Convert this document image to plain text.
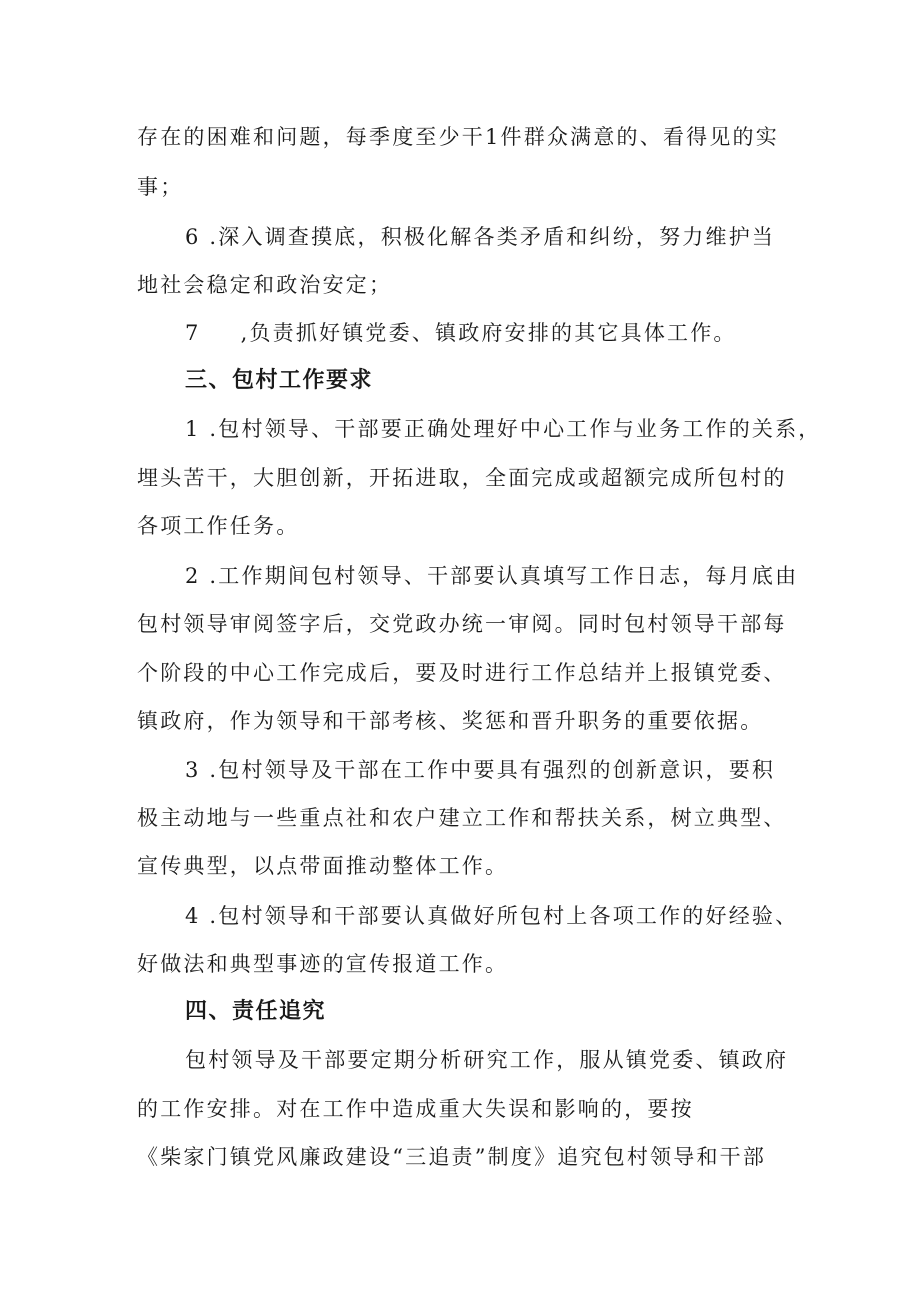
存在的困难和问题，每季度至少干1件群众满意的、看得见的实
事；
6 .深入调查摸底，积极化解各类矛盾和纠纷，努力维护当
地社会稳定和政治安定；
7 ,负责抓好镇党委、镇政府安排的其它具体工作。
三、包村工作要求
1 .包村领导、干部要正确处理好中心工作与业务工作的关系，
埋头苦干，大胆创新，开拓进取，全面完成或超额完成所包村的
各项工作任务。
2 .工作期间包村领导、干部要认真填写工作日志，每月底由
包村领导审阅签字后，交党政办统一审阅。同时包村领导干部每
个阶段的中心工作完成后，要及时进行工作总结并上报镇党委、
镇政府，作为领导和干部考核、奖惩和晋升职务的重要依据。
3 .包村领导及干部在工作中要具有强烈的创新意识，要积
极主动地与一些重点社和农户建立工作和帮扶关系，树立典型、
宣传典型，以点带面推动整体工作。
4 .包村领导和干部要认真做好所包村上各项工作的好经验、
好做法和典型事迹的宣传报道工作。
四、责任追究
包村领导及干部要定期分析研究工作，服从镇党委、镇政府
的工作安排。对在工作中造成重大失误和影响的，要按
《柴家门镇党风廉政建设“三追责”制度》追究包村领导和干部
